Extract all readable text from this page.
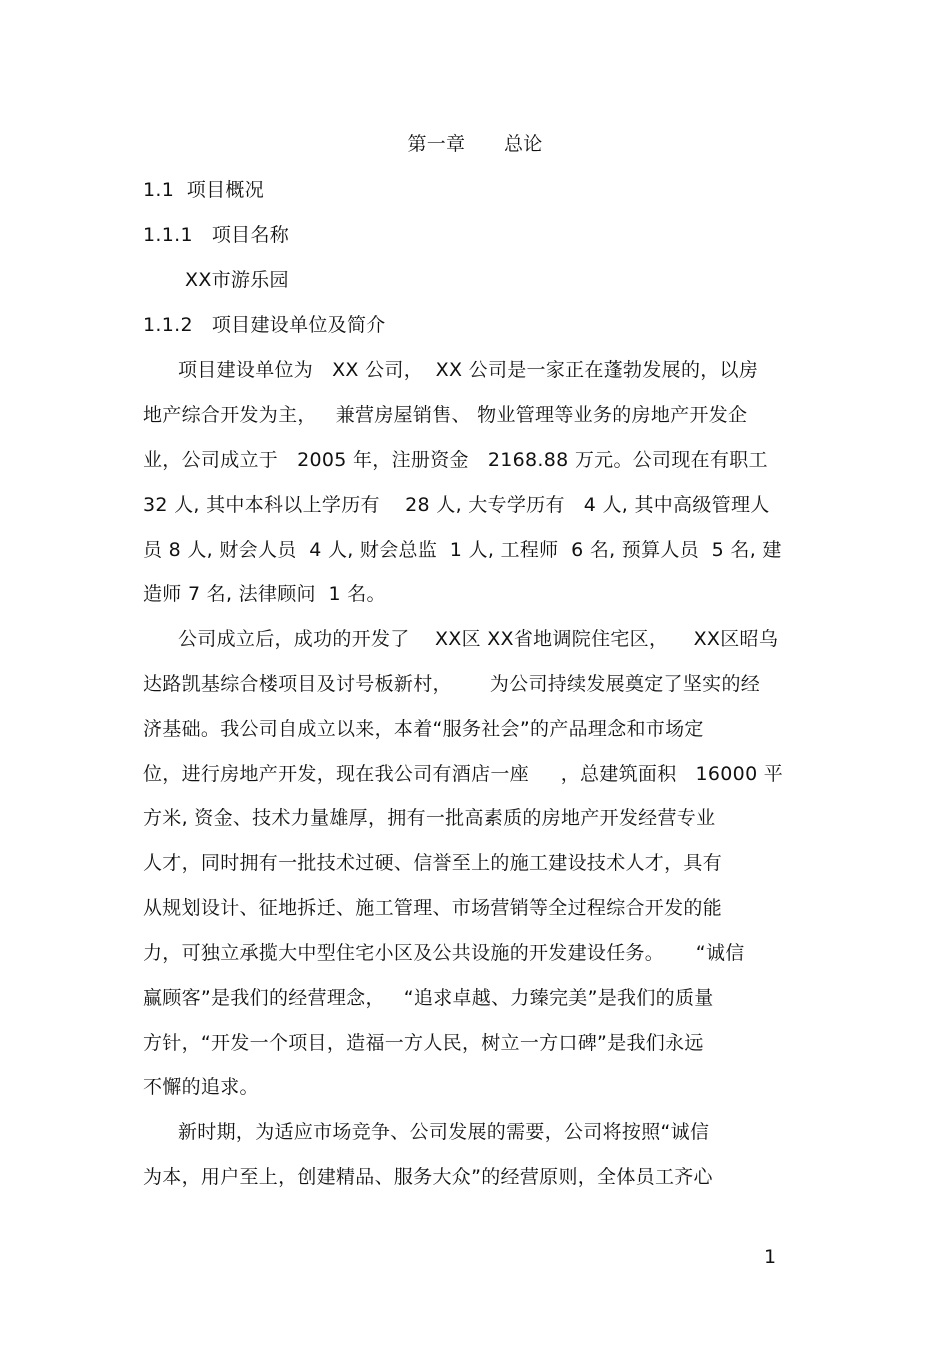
第一章　　总论
1.1  项目概况
1.1.1   项目名称
XX市游乐园
1.1.2   项目建设单位及简介
项目建设单位为   XX 公司，  XX 公司是一家正在蓬勃发展的，以房
地产综合开发为主，   兼营房屋销售、 物业管理等业务的房地产开发企
业，公司成立于   2005 年，注册资金   2168.88 万元。公司现在有职工
32 人, 其中本科以上学历有    28 人, 大专学历有   4 人, 其中高级管理人
员 8 人, 财会人员  4 人, 财会总监  1 人, 工程师  6 名, 预算人员  5 名, 建
造师 7 名, 法律顾问  1 名。
公司成立后，成功的开发了    XX区 XX省地调院住宅区，    XX区昭乌
达路凯基综合楼项目及讨号板新村，      为公司持续发展奠定了坚实的经
济基础。我公司自成立以来，本着“服务社会”的产品理念和市场定
位，进行房地产开发，现在我公司有酒店一座     ，总建筑面积   16000 平
方米, 资金、技术力量雄厚，拥有一批高素质的房地产开发经营专业
人才，同时拥有一批技术过硬、信誉至上的施工建设技术人才，具有
从规划设计、征地拆迁、施工管理、市场营销等全过程综合开发的能
力，可独立承揽大中型住宅小区及公共设施的开发建设任务。     “诚信
赢顾客”是我们的经营理念，   “追求卓越、力臻完美”是我们的质量
方针，“开发一个项目，造福一方人民，树立一方口碑”是我们永远
不懈的追求。
新时期，为适应市场竞争、公司发展的需要，公司将按照“诚信
为本，用户至上，创建精品、服务大众”的经营原则，全体员工齐心
1
